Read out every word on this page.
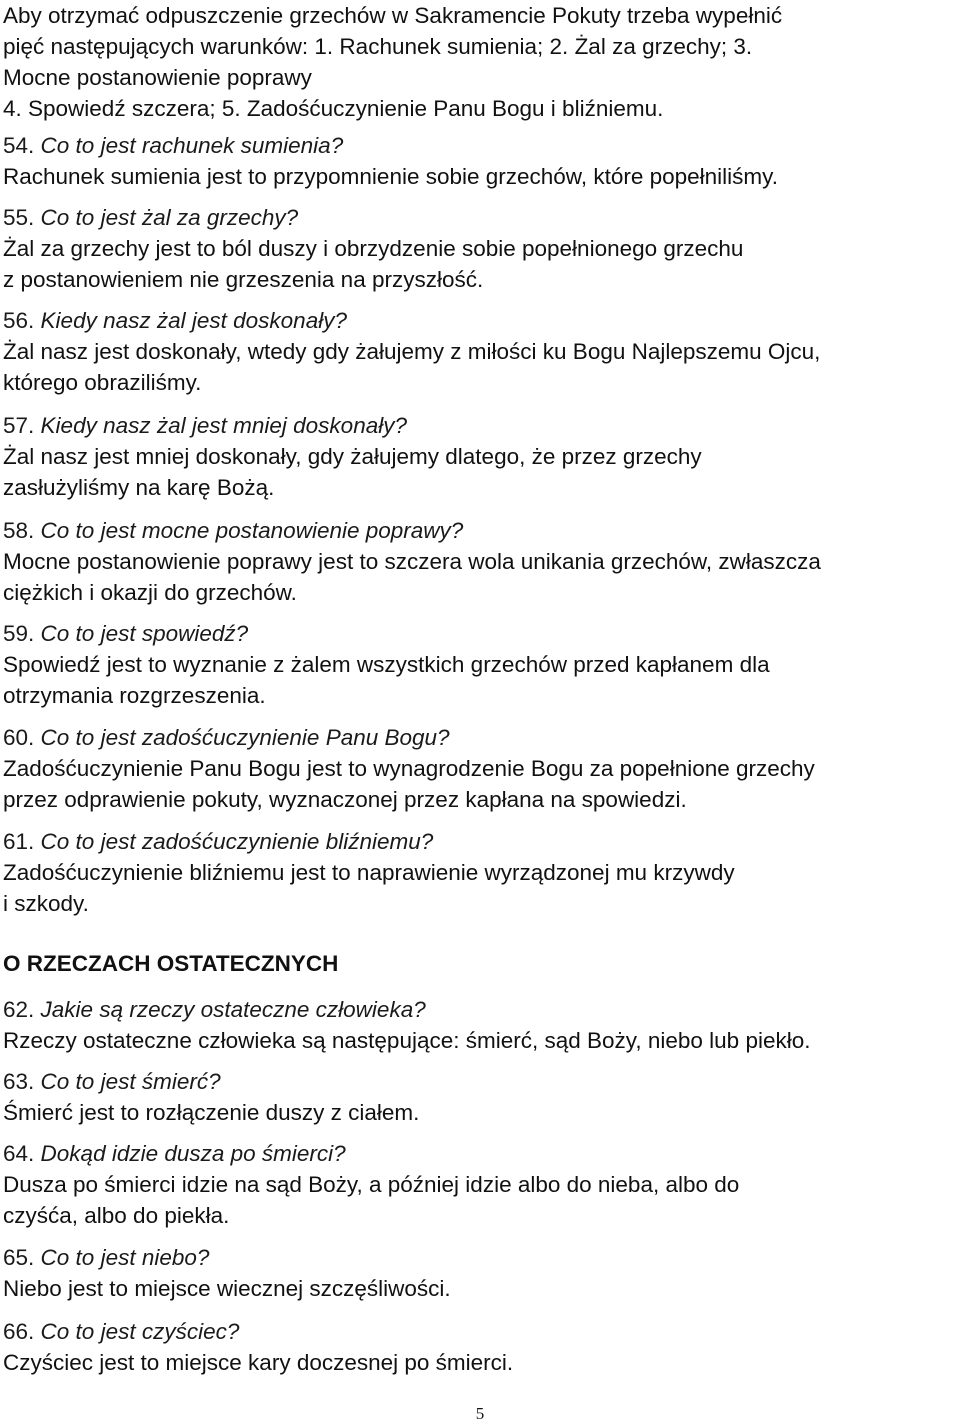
Aby otrzymać odpuszczenie grzechów w Sakramencie Pokuty trzeba wypełnić
pięć następujących warunków: 1. Rachunek sumienia; 2. Żal za grzechy; 3.
Mocne postanowienie poprawy
4. Spowiedź szczera; 5. Zadośćuczynienie Panu Bogu i bliźniemu.
54. Co to jest rachunek sumienia?
Rachunek sumienia jest to przypomnienie sobie grzechów, które popełniliśmy.
55. Co to jest żal za grzechy?
Żal za grzechy jest to ból duszy i obrzydzenie sobie popełnionego grzechu
z postanowieniem nie grzeszenia na przyszłość.
56. Kiedy nasz żal jest doskonały?
Żal nasz jest doskonały, wtedy gdy żałujemy z miłości ku Bogu Najlepszemu Ojcu,
którego obraziliśmy.
57. Kiedy nasz żal jest mniej doskonały?
Żal nasz jest mniej doskonały, gdy żałujemy dlatego, że przez grzechy
zasłużyliśmy na karę Bożą.
58. Co to jest mocne postanowienie poprawy?
Mocne postanowienie poprawy jest to szczera wola unikania grzechów, zwłaszcza
ciężkich i okazji do grzechów.
59. Co to jest spowiedź?
Spowiedź jest to wyznanie z żalem wszystkich grzechów przed kapłanem dla
otrzymania rozgrzeszenia.
60. Co to jest zadośćuczynienie Panu Bogu?
Zadośćuczynienie Panu Bogu jest to wynagrodzenie Bogu za popełnione grzechy
przez odprawienie pokuty, wyznaczonej przez kapłana na spowiedzi.
61. Co to jest zadośćuczynienie bliźniemu?
Zadośćuczynienie bliźniemu jest to naprawienie wyrządzonej mu krzywdy
i szkody.
O RZECZACH OSTATECZNYCH
62. Jakie są rzeczy ostateczne człowieka?
Rzeczy ostateczne człowieka są następujące: śmierć, sąd Boży, niebo lub piekło.
63. Co to jest śmierć?
Śmierć jest to rozłączenie duszy z ciałem.
64. Dokąd idzie dusza po śmierci?
Dusza po śmierci idzie na sąd Boży, a później idzie albo do nieba, albo do
czyśća, albo do piekła.
65. Co to jest niebo?
Niebo jest to miejsce wiecznej szczęśliwości.
66. Co to jest czyściec?
Czyściec jest to miejsce kary doczesnej po śmierci.
5
